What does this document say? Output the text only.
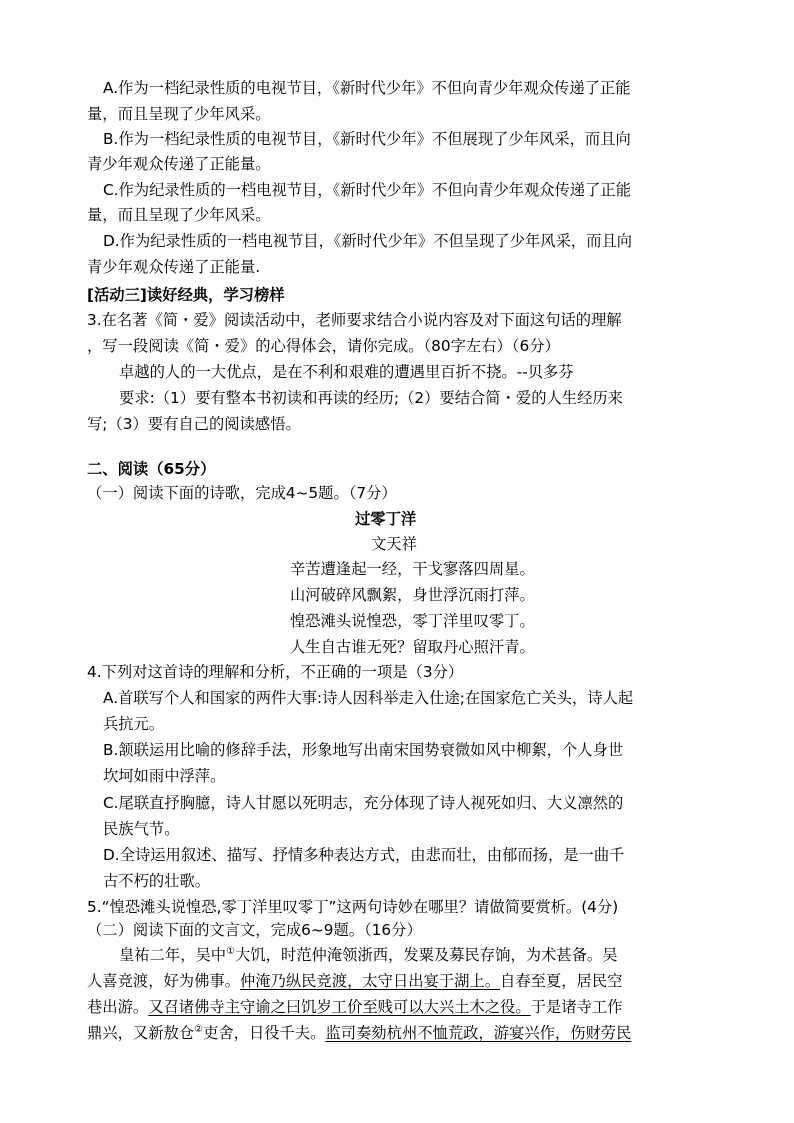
A.作为一档纪录性质的电视节目，《新时代少年》不但向青少年观众传递了正能
量，而且呈现了少年风采。
B.作为一档纪录性质的电视节目，《新时代少年》不但展现了少年风采，而且向
青少年观众传递了正能量。
C.作为纪录性质的一档电视节目，《新时代少年》不但向青少年观众传递了正能
量，而且呈现了少年风采。
D.作为纪录性质的一档电视节目，《新时代少年》不但呈现了少年风采，而且向
青少年观众传递了正能量.
[活动三]读好经典，学习榜样
3.在名著《简・爱》阅读活动中，老师要求结合小说内容及对下面这句话的理解
，写一段阅读《简・爱》的心得体会，请你完成。（80字左右）（6分）
卓越的人的一大优点，是在不利和艰难的遭遇里百折不挠。--贝多芬
要求:（1）要有整本书初读和再读的经历;（2）要结合简・爱的人生经历来
写;（3）要有自己的阅读感悟。
二、阅读（65分）
（一）阅读下面的诗歌，完成4~5题。（7分）
过零丁洋
文天祥
辛苦遭逢起一经，干戈寥落四周星。
山河破碎风飘絮，身世浮沉雨打萍。
惶恐滩头说惶恐，零丁洋里叹零丁。
人生自古谁无死？留取丹心照汗青。
4.下列对这首诗的理解和分析，不正确的一项是（3分）
A.首联写个人和国家的两件大事:诗人因科举走入仕途;在国家危亡关头，诗人起
兵抗元。
B.颔联运用比喻的修辞手法，形象地写出南宋国势衰微如风中柳絮，个人身世
坎坷如雨中浮萍。
C.尾联直抒胸臆，诗人甘愿以死明志，充分体现了诗人视死如归、大义凛然的
民族气节。
D.全诗运用叙述、描写、抒情多种表达方式，由悲而壮，由郁而扬，是一曲千
古不朽的壮歌。
5.“惶恐滩头说惶恐,零丁洋里叹零丁”这两句诗妙在哪里？请做简要赏析。(4分)
（二）阅读下面的文言文，完成6~9题。（16分）
皇祐二年，吴中①大饥，时范仲淹领浙西，发粟及募民存饷，为术甚备。吴
人喜竞渡，好为佛事。仲淹乃纵民竞渡，太守日出宴于湖上。自春至夏，居民空
巷出游。又召诸佛寺主守谕之曰饥岁工价至贱可以大兴土木之役。于是诸寺工作
鼎兴，又新敖仓②吏舍，日役千夫。监司奏劾杭州不恤荒政，游宴兴作，伤财劳民
